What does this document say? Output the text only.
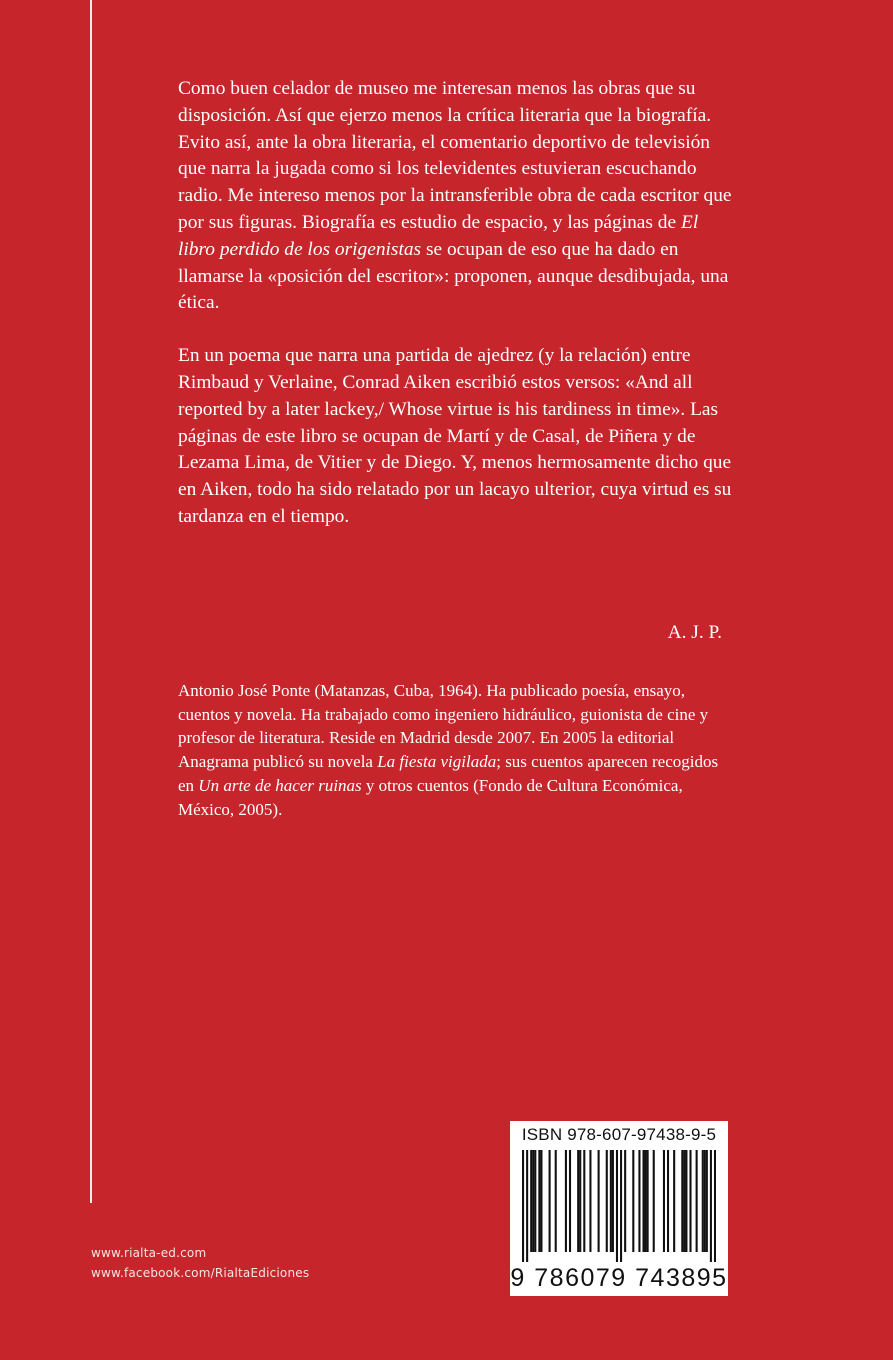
Como buen celador de museo me interesan menos las obras que su disposición. Así que ejerzo menos la crítica literaria que la biografía. Evito así, ante la obra literaria, el comentario deportivo de televisión que narra la jugada como si los televidentes estuvieran escuchando radio. Me intereso menos por la intransferible obra de cada escritor que por sus figuras. Biografía es estudio de espacio, y las páginas de El libro perdido de los origenistas se ocupan de eso que ha dado en llamarse la «posición del escritor»: proponen, aunque desdibujada, una ética.

En un poema que narra una partida de ajedrez (y la relación) entre Rimbaud y Verlaine, Conrad Aiken escribió estos versos: «And all reported by a later lackey,/ Whose virtue is his tardiness in time». Las páginas de este libro se ocupan de Martí y de Casal, de Piñera y de Lezama Lima, de Vitier y de Diego. Y, menos hermosamente dicho que en Aiken, todo ha sido relatado por un lacayo ulterior, cuya virtud es su tardanza en el tiempo.

A. J. P.
Antonio José Ponte (Matanzas, Cuba, 1964). Ha publicado poesía, ensayo, cuentos y novela. Ha trabajado como ingeniero hidráulico, guionista de cine y profesor de literatura. Reside en Madrid desde 2007. En 2005 la editorial Anagrama publicó su novela La fiesta vigilada; sus cuentos aparecen recogidos en Un arte de hacer ruinas y otros cuentos (Fondo de Cultura Económica, México, 2005).
www.rialta-ed.com
www.facebook.com/RialtaEdiciones
ISBN 978-607-97438-9-5
9 786079 743895
